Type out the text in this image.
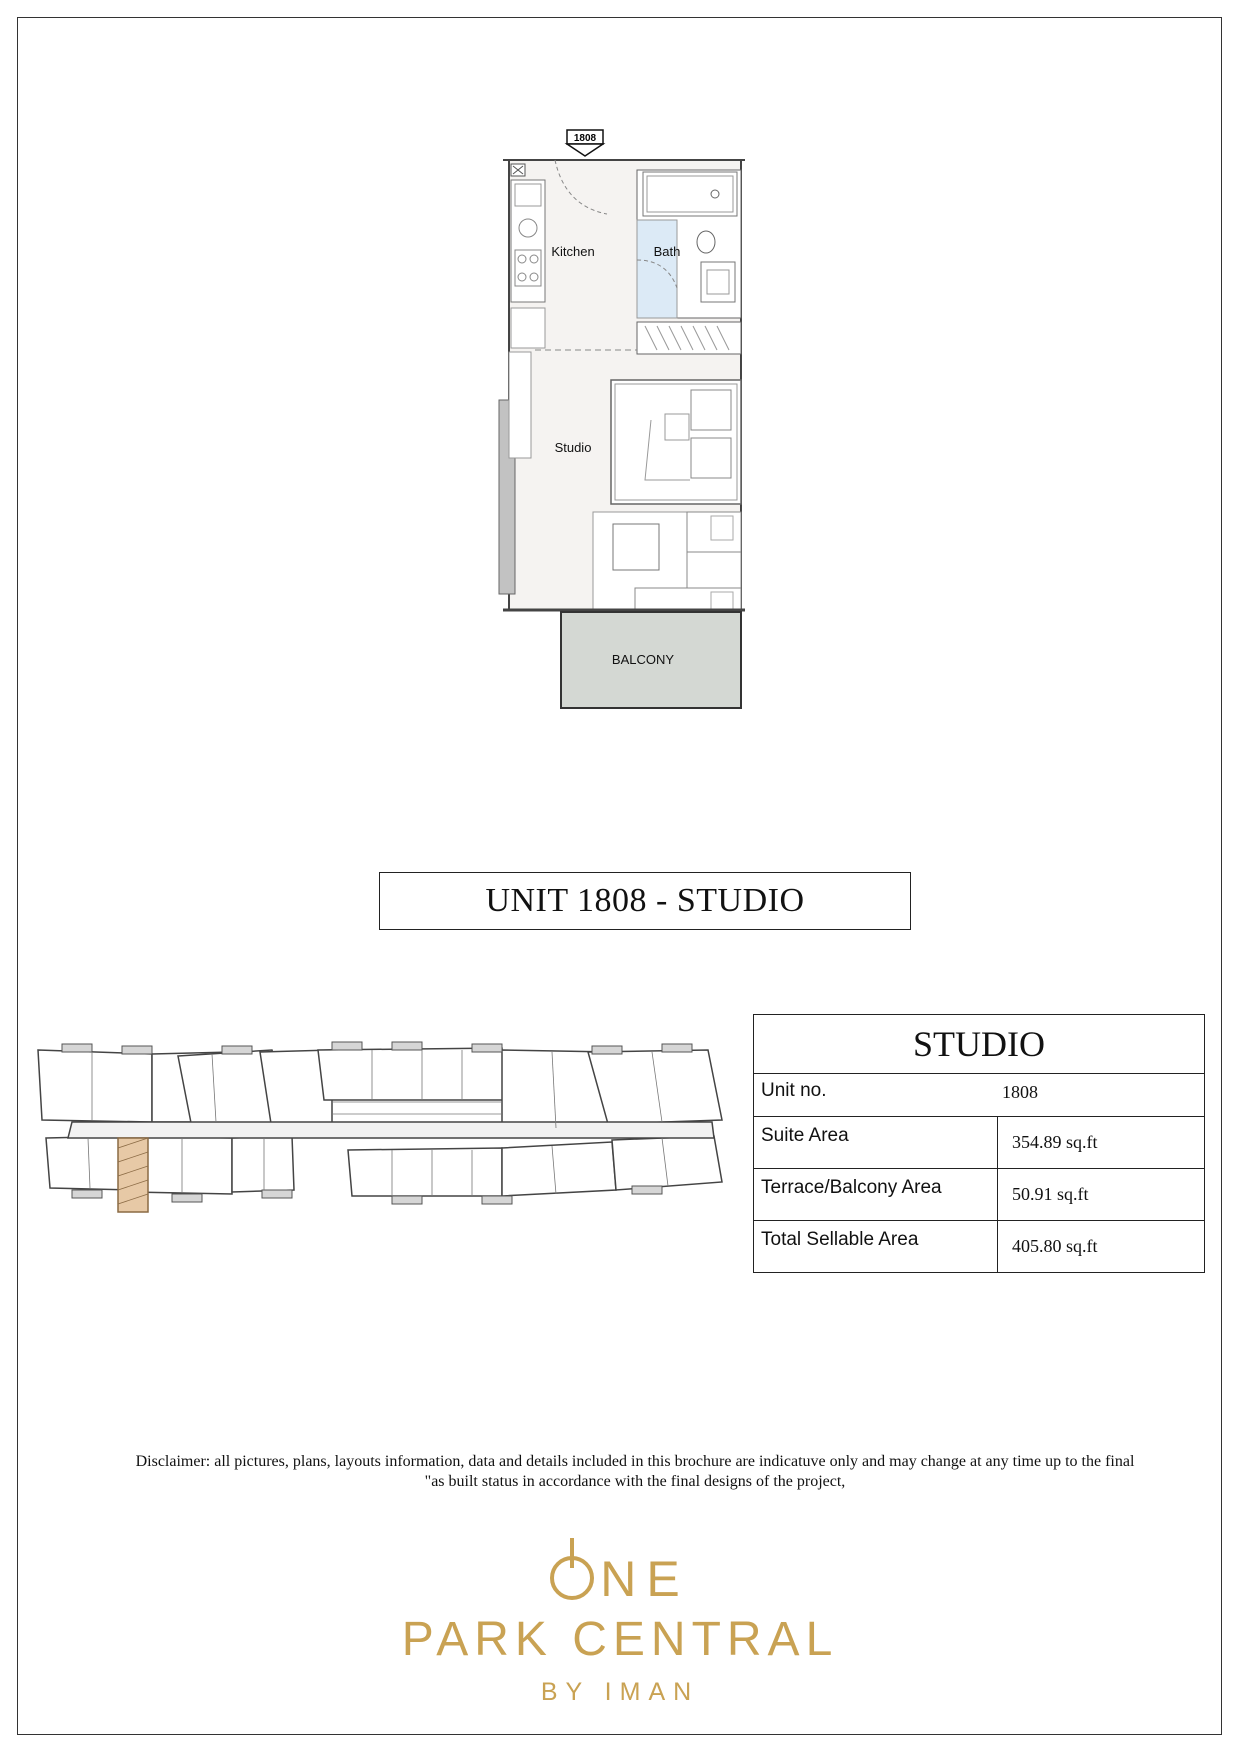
1808
Kitchen	Bath
Studio
BALCONY
UNIT 1808 - STUDIO
STUDIO	

Unit no. 1808	

Suite Area	354.89 sq.ft
Terrace/Balcony Area	50.91 sq.ft
Total Sellable Area	405.80 sq.ft
Disclaimer: all pictures, plans, layouts information, data and details included in this brochure are indicatuve only and may change at any time up to the final
"as built status in accordance with the final designs of the project,
NE
PARK CENTRAL
BY IMAN
